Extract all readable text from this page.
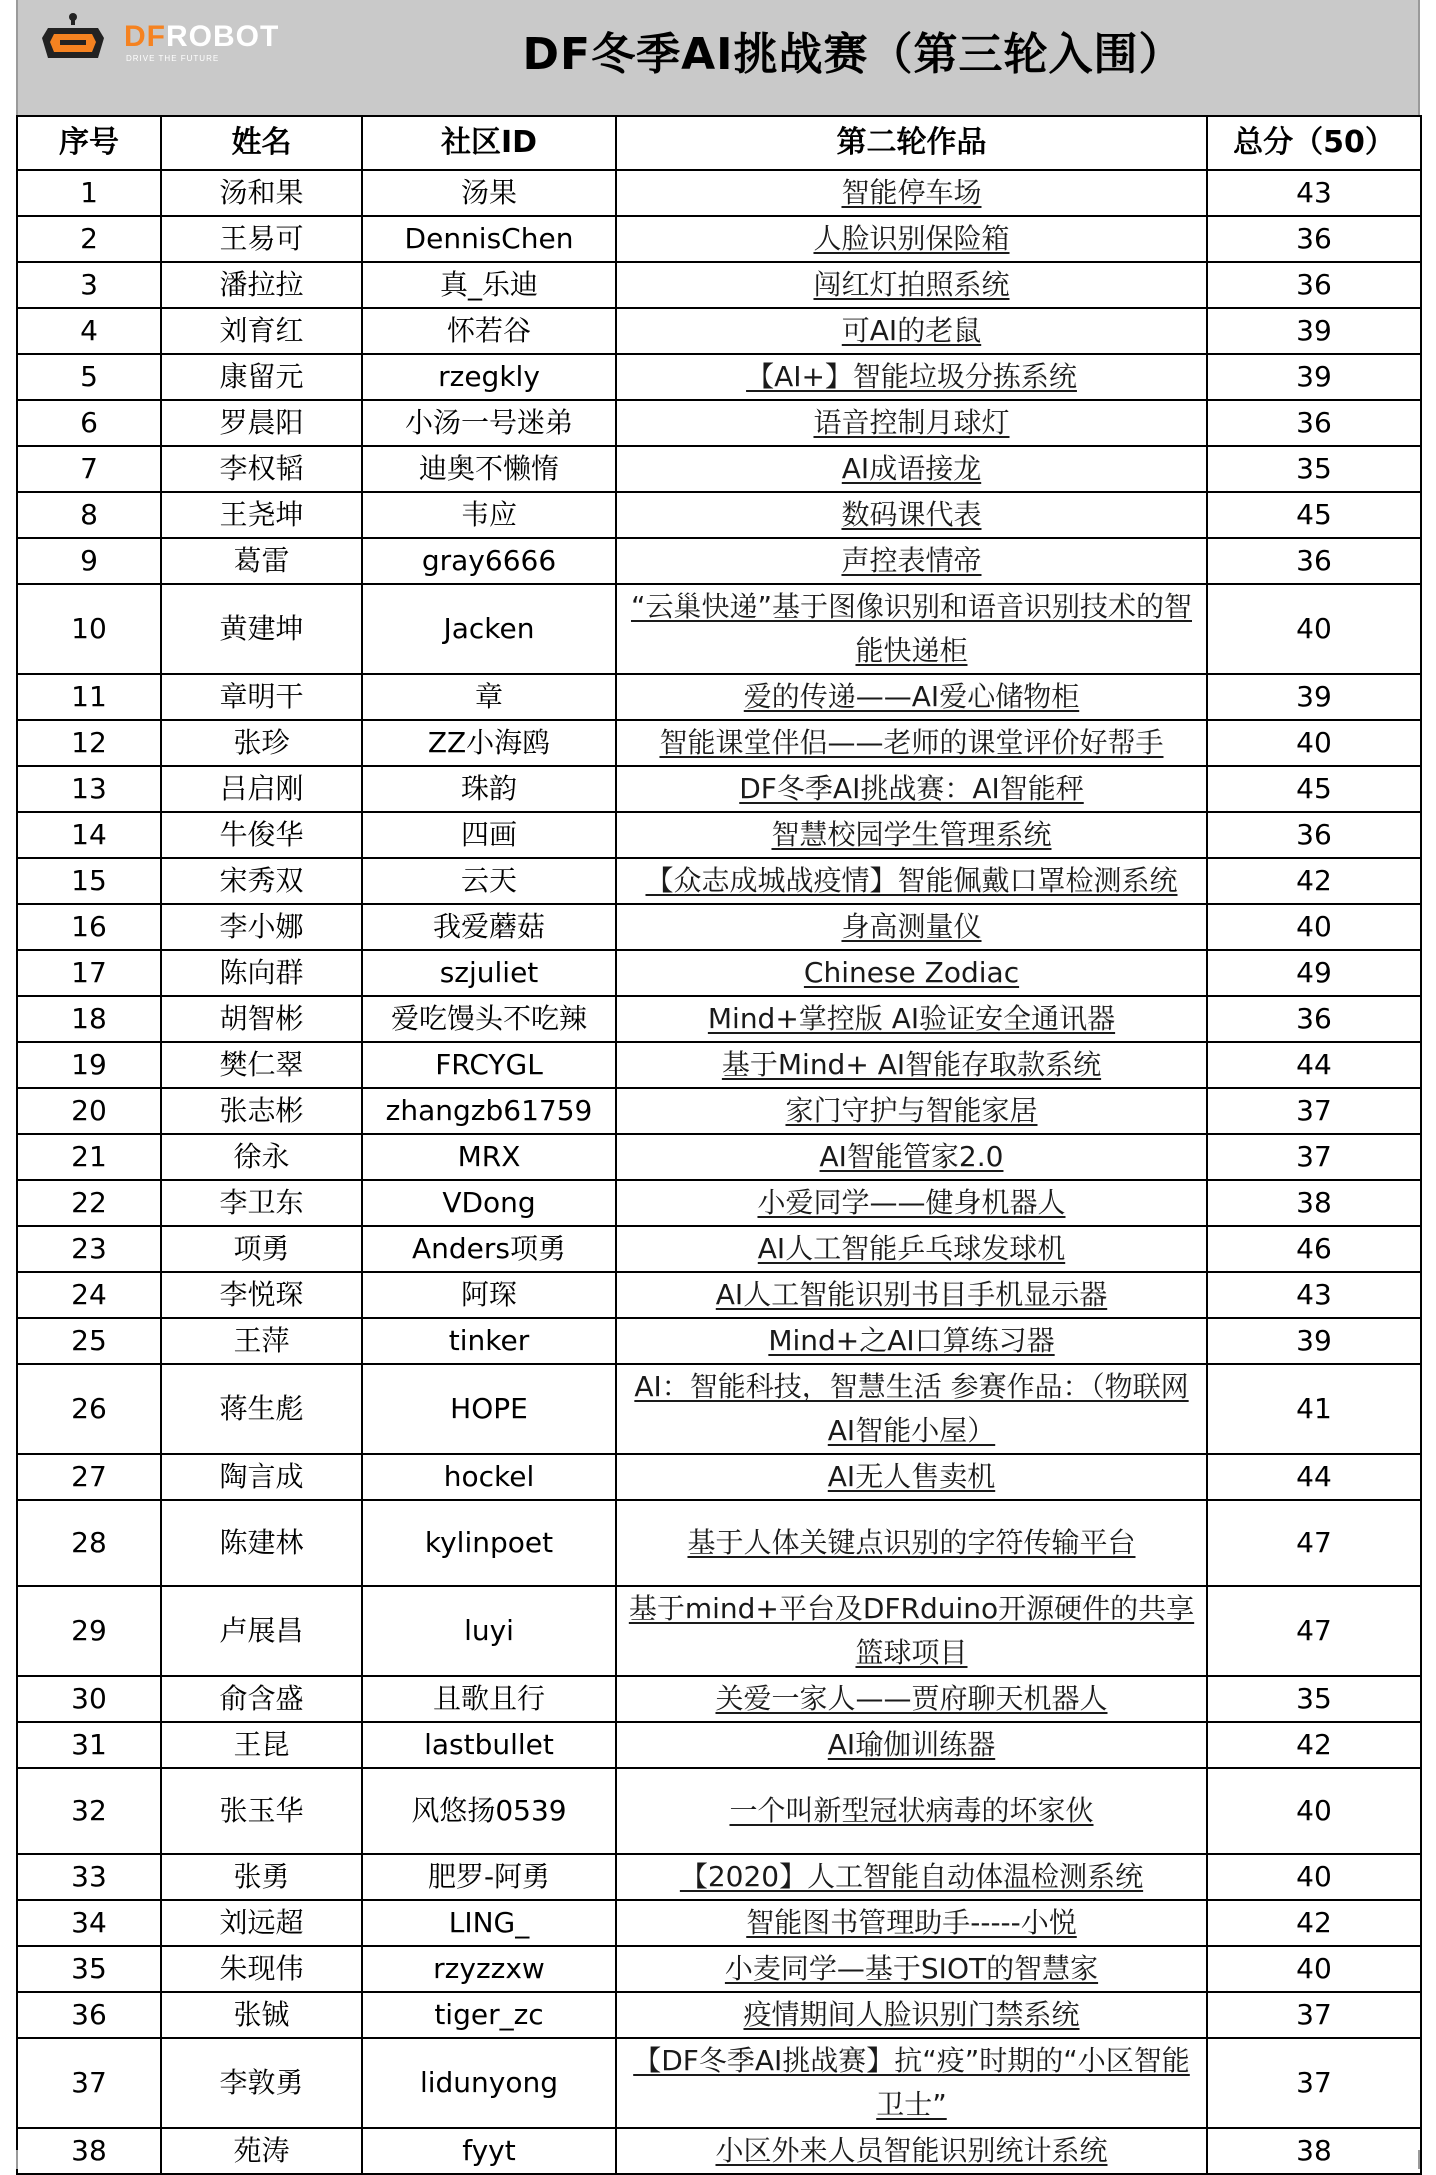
DFROBOT
DRIVE THE FUTURE	DF冬季AI挑战赛（第三轮入围）
序号	姓名	社区ID	第二轮作品	总分（50）
1	汤和果	汤果	智能停车场	43
2	王易可	DennisChen	人脸识别保险箱	36
3	潘拉拉	真_乐迪	闯红灯拍照系统	36
4	刘育红	怀若谷	可AI的老鼠	39
5	康留元	rzegkly	【AI+】智能垃圾分拣系统	39
6	罗晨阳	小汤一号迷弟	语音控制月球灯	36
7	李权韬	迪奥不懒惰	AI成语接龙	35
8	王尧坤	韦应	数码课代表	45
9	葛雷	gray6666	声控表情帝	36
10	黄建坤	Jacken	“云巢快递”基于图像识别和语音识别技术的智能快递柜	40
11	章明干	章	爱的传递——AI爱心储物柜	39
12	张珍	ZZ小海鸥	智能课堂伴侣——老师的课堂评价好帮手	40
13	吕启刚	珠韵	DF冬季AI挑战赛：AI智能秤	45
14	牛俊华	四画	智慧校园学生管理系统	36
15	宋秀双	云天	【众志成城战疫情】智能佩戴口罩检测系统	42
16	李小娜	我爱蘑菇	身高测量仪	40
17	陈向群	szjuliet	Chinese Zodiac	49
18	胡智彬	爱吃馒头不吃辣	Mind+掌控版 AI验证安全通讯器	36
19	樊仁翠	FRCYGL	基于Mind+ AI智能存取款系统	44
20	张志彬	zhangzb61759	家门守护与智能家居	37
21	徐永	MRX	AI智能管家2.0	37
22	李卫东	VDong	小爱同学——健身机器人	38
23	项勇	Anders项勇	AI人工智能乒乓球发球机	46
24	李悦琛	阿琛	AI人工智能识别书目手机显示器	43
25	王萍	tinker	Mind+之AI口算练习器	39
26	蒋生彪	HOPE	AI：智能科技，智慧生活 参赛作品：（物联网AI智能小屋）	41
27	陶言成	hockel	AI无人售卖机	44
28	陈建林	kylinpoet	基于人体关键点识别的字符传输平台	47
29	卢展昌	luyi	基于mind+平台及DFRduino开源硬件的共享篮球项目	47
30	俞含盛	且歌且行	关爱一家人——贾府聊天机器人	35
31	王昆	lastbullet	AI瑜伽训练器	42
32	张玉华	风悠扬0539	一个叫新型冠状病毒的坏家伙	40
33	张勇	肥罗-阿勇	【2020】人工智能自动体温检测系统	40
34	刘远超	LING_	智能图书管理助手-----小悦	42
35	朱现伟	rzyzzxw	小麦同学—基于SIOT的智慧家	40
36	张铖	tiger_zc	疫情期间人脸识别门禁系统	37
37	李敦勇	lidunyong	【DF冬季AI挑战赛】抗“疫”时期的“小区智能卫士”	37
38	苑涛	fyyt	小区外来人员智能识别统计系统	38
